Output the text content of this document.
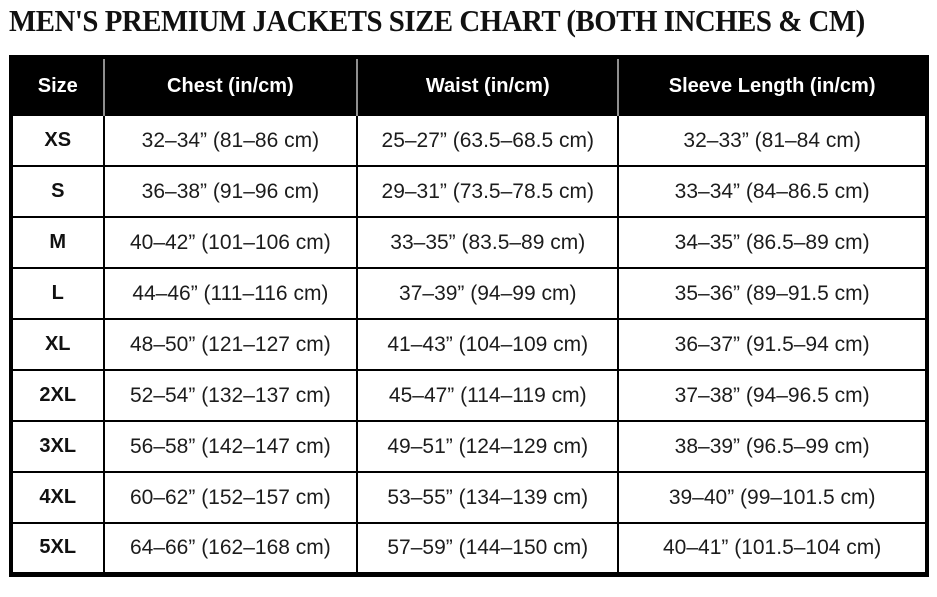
MEN'S PREMIUM JACKETS SIZE CHART (BOTH INCHES & CM)
Size	Chest (in/cm)	Waist (in/cm)	Sleeve Length (in/cm)
XS	32–34” (81–86 cm)	25–27” (63.5–68.5 cm)	32–33” (81–84 cm)
S	36–38” (91–96 cm)	29–31” (73.5–78.5 cm)	33–34” (84–86.5 cm)
M	40–42” (101–106 cm)	33–35” (83.5–89 cm)	34–35” (86.5–89 cm)
L	44–46” (111–116 cm)	37–39” (94–99 cm)	35–36” (89–91.5 cm)
XL	48–50” (121–127 cm)	41–43” (104–109 cm)	36–37” (91.5–94 cm)
2XL	52–54” (132–137 cm)	45–47” (114–119 cm)	37–38” (94–96.5 cm)
3XL	56–58” (142–147 cm)	49–51” (124–129 cm)	38–39” (96.5–99 cm)
4XL	60–62” (152–157 cm)	53–55” (134–139 cm)	39–40” (99–101.5 cm)
5XL	64–66” (162–168 cm)	57–59” (144–150 cm)	40–41” (101.5–104 cm)
